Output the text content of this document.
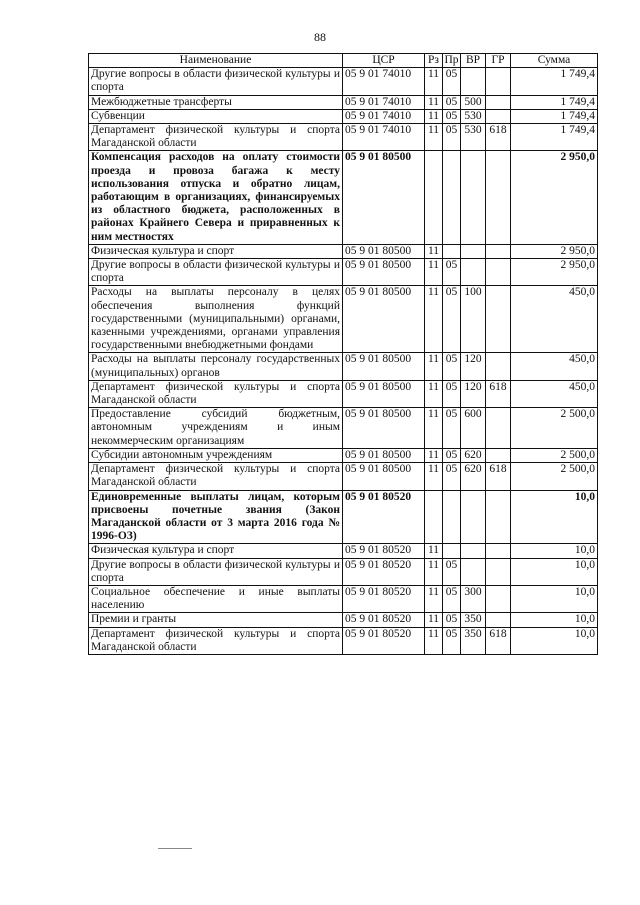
88
Наименование	ЦСР	Рз	Пр	ВР	ГР	Сумма
Другие вопросы в области физической культуры и спорта	05 9 01 74010	11	05			1 749,4
Межбюджетные трансферты	05 9 01 74010	11	05	500		1 749,4
Субвенции	05 9 01 74010	11	05	530		1 749,4
Департамент физической культуры и спорта Магаданской области	05 9 01 74010	11	05	530	618	1 749,4
Компенсация расходов на оплату стоимости проезда и провоза багажа к месту использования отпуска и обратно лицам, работающим в организациях, финансируемых из областного бюджета, расположенных в районах Крайнего Севера и приравненных к ним местностях	05 9 01 80500					2 950,0
Физическая культура и спорт	05 9 01 80500	11				2 950,0
Другие вопросы в области физической культуры и спорта	05 9 01 80500	11	05			2 950,0
Расходы на выплаты персоналу в целях обеспечения выполнения функций государственными (муниципальными) органами, казенными учреждениями, органами управления государственными внебюджетными фондами	05 9 01 80500	11	05	100		450,0
Расходы на выплаты персоналу государственных (муниципальных) органов	05 9 01 80500	11	05	120		450,0
Департамент физической культуры и спорта Магаданской области	05 9 01 80500	11	05	120	618	450,0
Предоставление субсидий бюджетным, автономным учреждениям и иным некоммерческим организациям	05 9 01 80500	11	05	600		2 500,0
Субсидии автономным учреждениям	05 9 01 80500	11	05	620		2 500,0
Департамент физической культуры и спорта Магаданской области	05 9 01 80500	11	05	620	618	2 500,0
Единовременные выплаты лицам, которым присвоены почетные звания (Закон Магаданской области от 3 марта 2016 года № 1996-ОЗ)	05 9 01 80520					10,0
Физическая культура и спорт	05 9 01 80520	11				10,0
Другие вопросы в области физической культуры и спорта	05 9 01 80520	11	05			10,0
Социальное обеспечение и иные выплаты населению	05 9 01 80520	11	05	300		10,0
Премии и гранты	05 9 01 80520	11	05	350		10,0
Департамент физической культуры и спорта Магаданской области	05 9 01 80520	11	05	350	618	10,0
